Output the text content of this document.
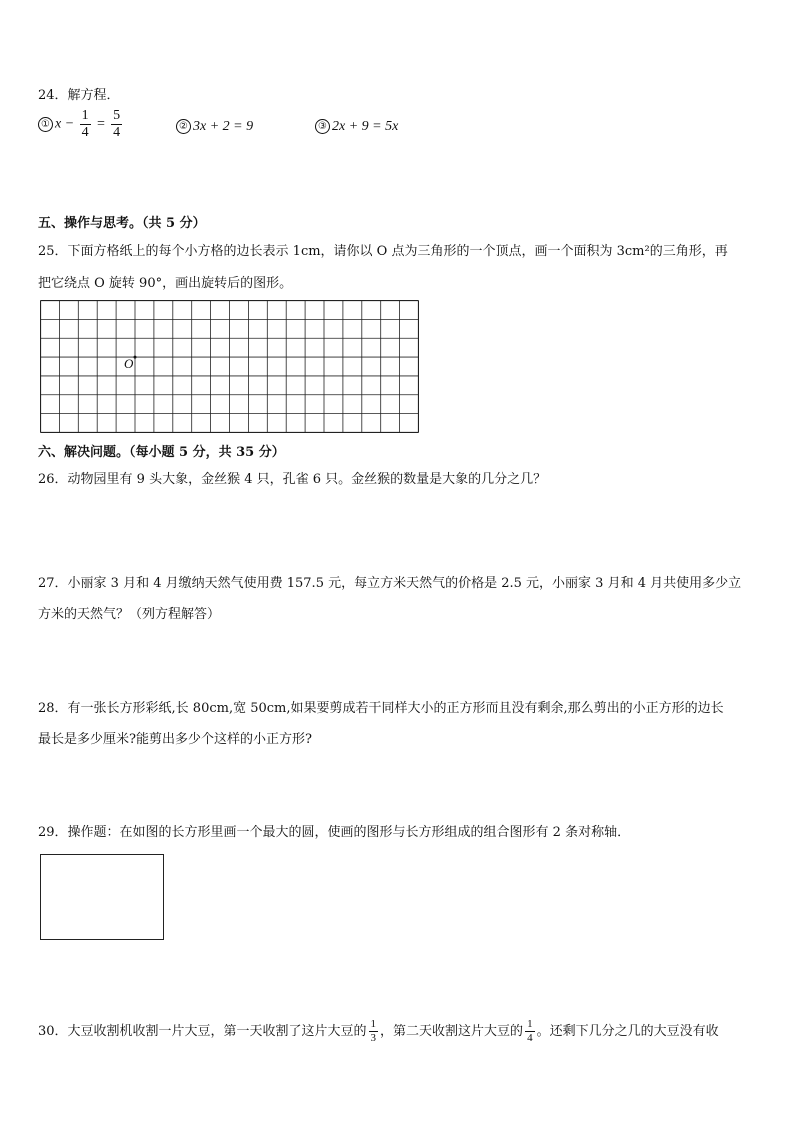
24．解方程．
① $x - \frac{1}{4} = \frac{5}{4}$	② 3x + 2 = 9	③ 2x + 9 = 5x
五、操作与思考。（共 5 分）
25．下面方格纸上的每个小方格的边长表示 1cm，请你以 O 点为三角形的一个顶点，画一个面积为 3cm²的三角形，再
把它绕点 O 旋转 90°，画出旋转后的图形。
O
六、解决问题。（每小题 5 分，共 35 分）
26．动物园里有 9 头大象，金丝猴 4 只，孔雀 6 只。金丝猴的数量是大象的几分之几？
27．小丽家 3 月和 4 月缴纳天然气使用费 157.5 元，每立方米天然气的价格是 2.5 元，小丽家 3 月和 4 月共使用多少立
方米的天然气？（列方程解答）
28．有一张长方形彩纸,长 80cm,宽 50cm,如果要剪成若干同样大小的正方形而且没有剩余,那么剪出的小正方形的边长
最长是多少厘米?能剪出多少个这样的小正方形?
29．操作题：在如图的长方形里画一个最大的圆，使画的图形与长方形组成的组合图形有 2 条对称轴．
30．大豆收割机收割一片大豆，第一天收割了这片大豆的 $\frac{1}{3}$ ，第二天收割这片大豆的 $\frac{1}{4}$ 。还剩下几分之几的大豆没有收
